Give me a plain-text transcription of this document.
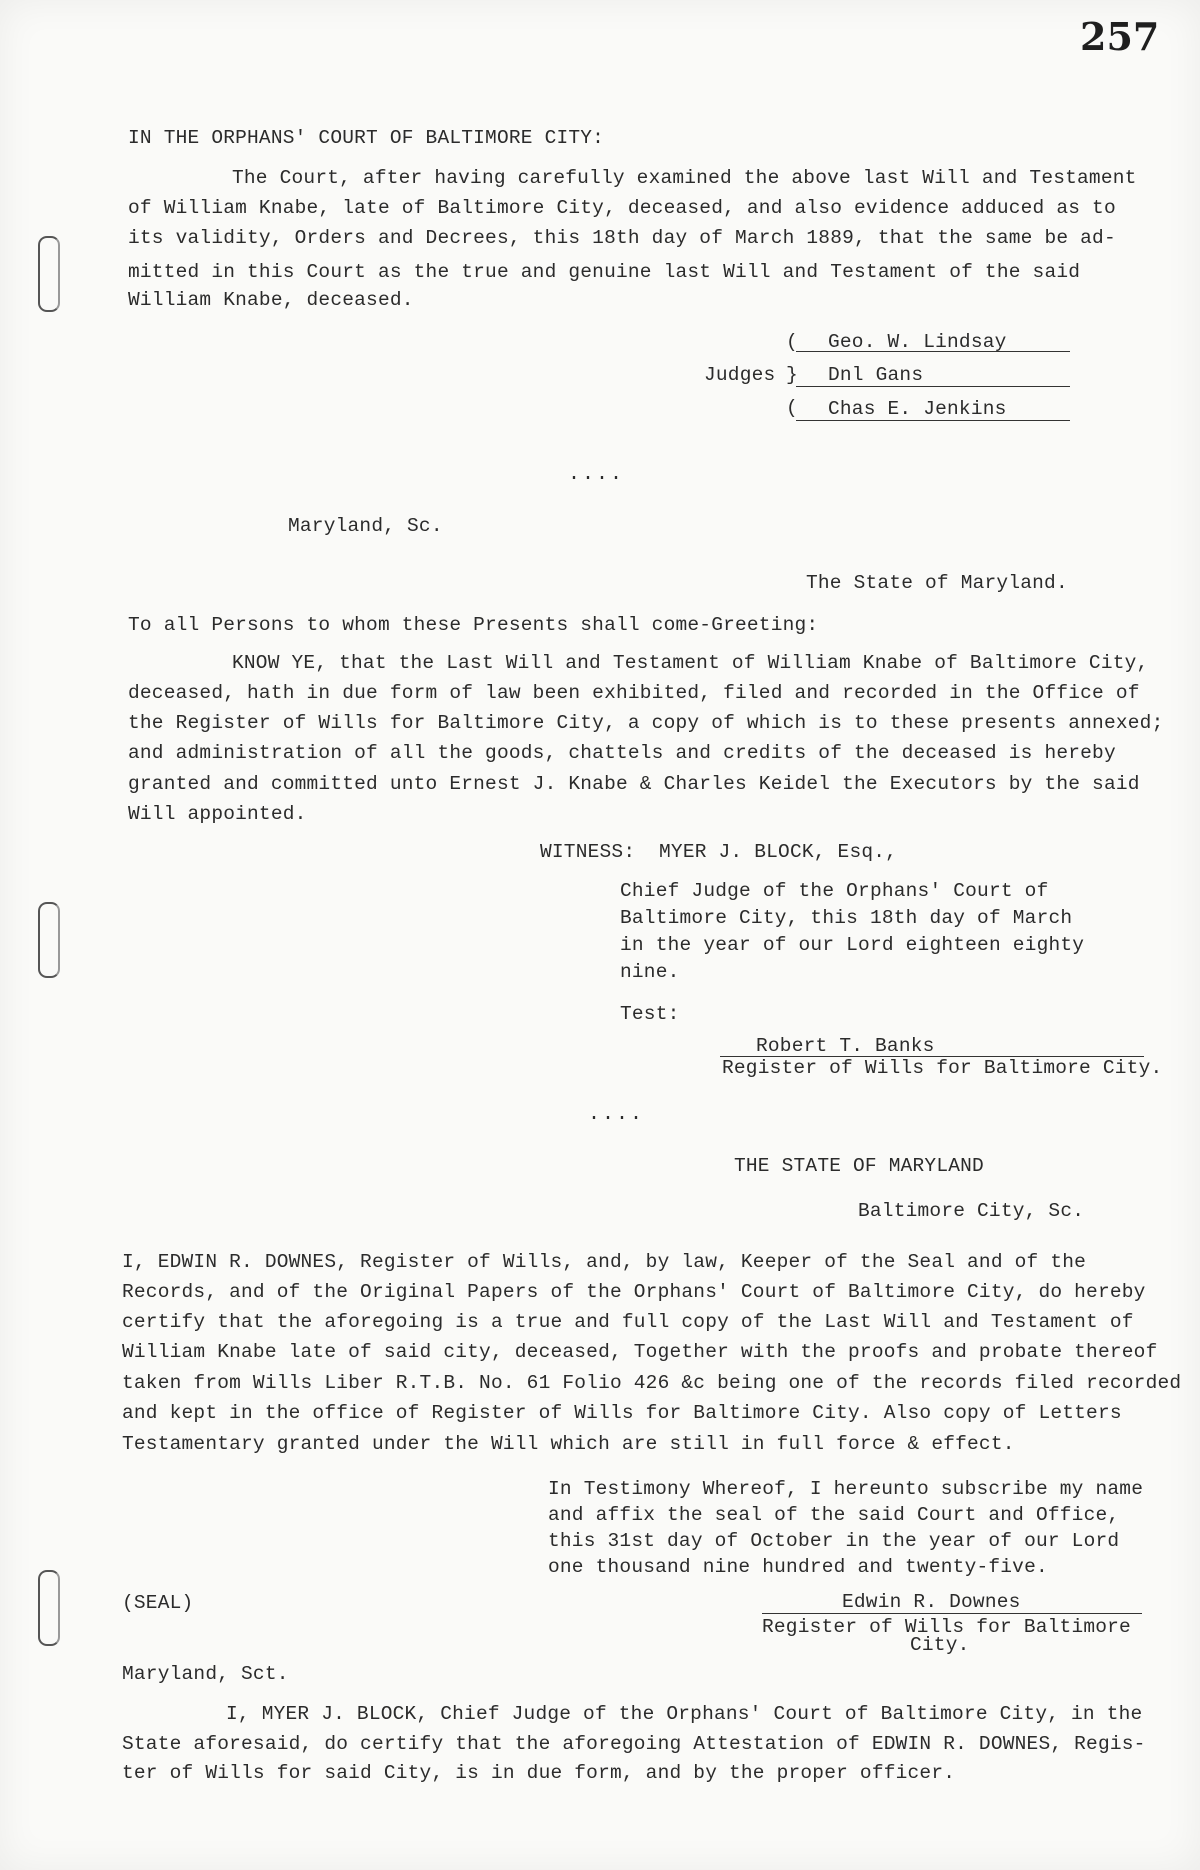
257
IN THE ORPHANS' COURT OF BALTIMORE CITY:
The Court, after having carefully examined the above last Will and Testament
of William Knabe, late of Baltimore City, deceased, and also evidence adduced as to
its validity, Orders and Decrees, this 18th day of March 1889, that the same be ad-
mitted in this Court as the true and genuine last Will and Testament of the said
William Knabe, deceased.
(
}
(
Judges
Geo. W. Lindsay
Dnl Gans
Chas E. Jenkins
....
Maryland, Sc.
The State of Maryland.
To all Persons to whom these Presents shall come-Greeting:
KNOW YE, that the Last Will and Testament of William Knabe of Baltimore City,
deceased, hath in due form of law been exhibited, filed and recorded in the Office of
the Register of Wills for Baltimore City, a copy of which is to these presents annexed;
and administration of all the goods, chattels and credits of the deceased is hereby
granted and committed unto Ernest J. Knabe & Charles Keidel the Executors by the said
Will appointed.
WITNESS:  MYER J. BLOCK, Esq.,
Chief Judge of the Orphans' Court of
Baltimore City, this 18th day of March
in the year of our Lord eighteen eighty
nine.
Test:
Robert T. Banks
Register of Wills for Baltimore City.
....
THE STATE OF MARYLAND
Baltimore City, Sc.
I, EDWIN R. DOWNES, Register of Wills, and, by law, Keeper of the Seal and of the
Records, and of the Original Papers of the Orphans' Court of Baltimore City, do hereby
certify that the aforegoing is a true and full copy of the Last Will and Testament of
William Knabe late of said city, deceased, Together with the proofs and probate thereof
taken from Wills Liber R.T.B. No. 61 Folio 426 &c being one of the records filed recorded
and kept in the office of Register of Wills for Baltimore City. Also copy of Letters
Testamentary granted under the Will which are still in full force & effect.
In Testimony Whereof, I hereunto subscribe my name
and affix the seal of the said Court and Office,
this 31st day of October in the year of our Lord
one thousand nine hundred and twenty-five.
(SEAL)	Edwin R. Downes
Register of Wills for Baltimore
City.
Maryland, Sct.
I, MYER J. BLOCK, Chief Judge of the Orphans' Court of Baltimore City, in the
State aforesaid, do certify that the aforegoing Attestation of EDWIN R. DOWNES, Regis-
ter of Wills for said City, is in due form, and by the proper officer.
